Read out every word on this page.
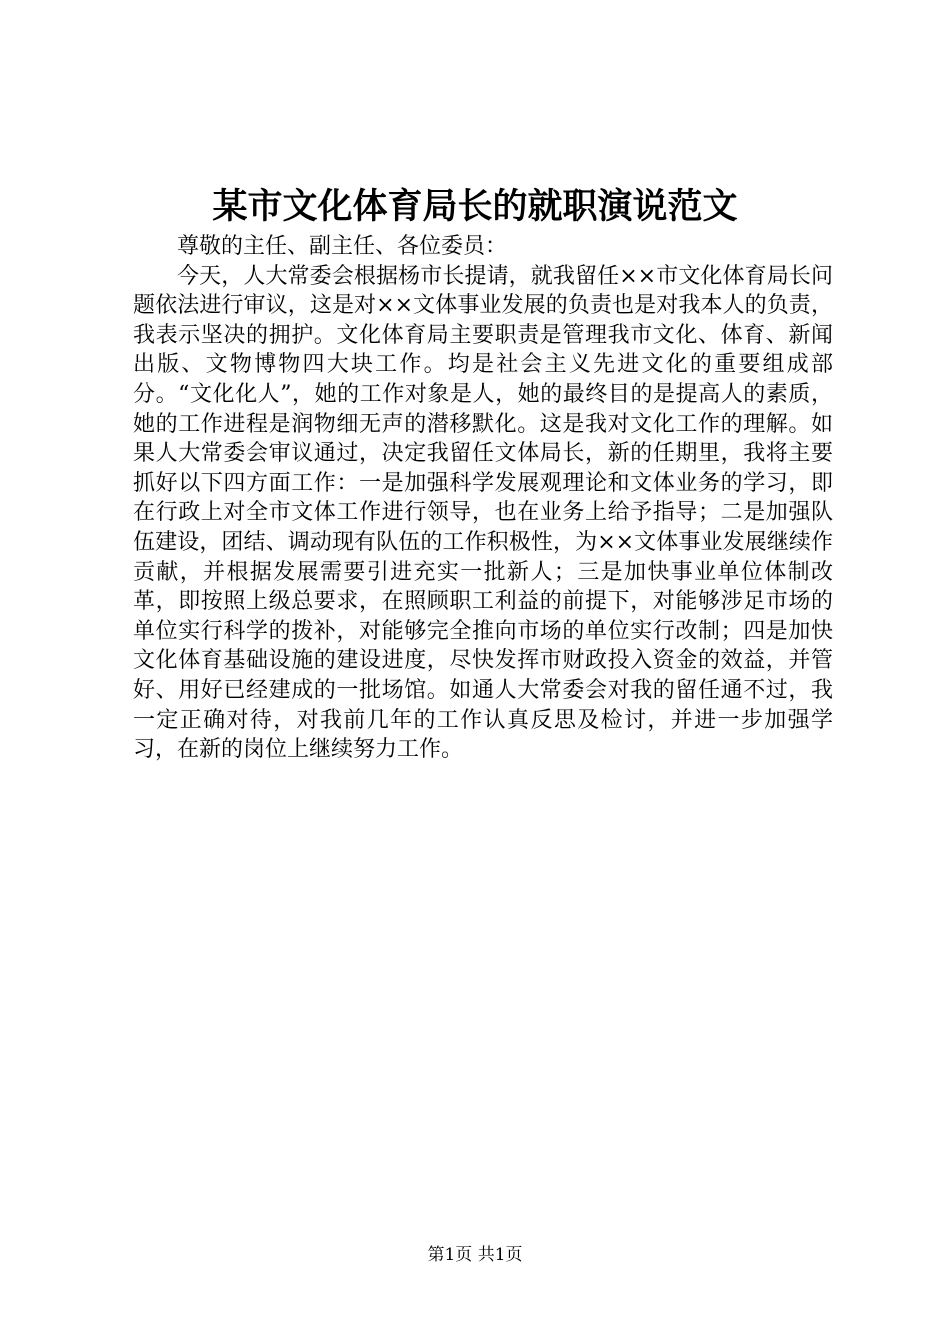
某市文化体育局长的就职演说范文

尊敬的主任、副主任、各位委员：

今天，人大常委会根据杨市长提请，就我留任××市文化体育局长问题依法进行审议，这是对××文体事业发展的负责也是对我本人的负责，我表示坚决的拥护。文化体育局主要职责是管理我市文化、体育、新闻出版、文物博物四大块工作。均是社会主义先进文化的重要组成部分。“文化化人”，她的工作对象是人，她的最终目的是提高人的素质，她的工作进程是润物细无声的潜移默化。这是我对文化工作的理解。如果人大常委会审议通过，决定我留任文体局长，新的任期里，我将主要抓好以下四方面工作：一是加强科学发展观理论和文体业务的学习，即在行政上对全市文体工作进行领导，也在业务上给予指导；二是加强队伍建设，团结、调动现有队伍的工作积极性，为××文体事业发展继续作贡献，并根据发展需要引进充实一批新人；三是加快事业单位体制改革，即按照上级总要求，在照顾职工利益的前提下，对能够涉足市场的单位实行科学的拨补，对能够完全推向市场的单位实行改制；四是加快文化体育基础设施的建设进度，尽快发挥市财政投入资金的效益，并管好、用好已经建成的一批场馆。如通人大常委会对我的留任通不过，我一定正确对待，对我前几年的工作认真反思及检讨，并进一步加强学习，在新的岗位上继续努力工作。

第1页 共1页
